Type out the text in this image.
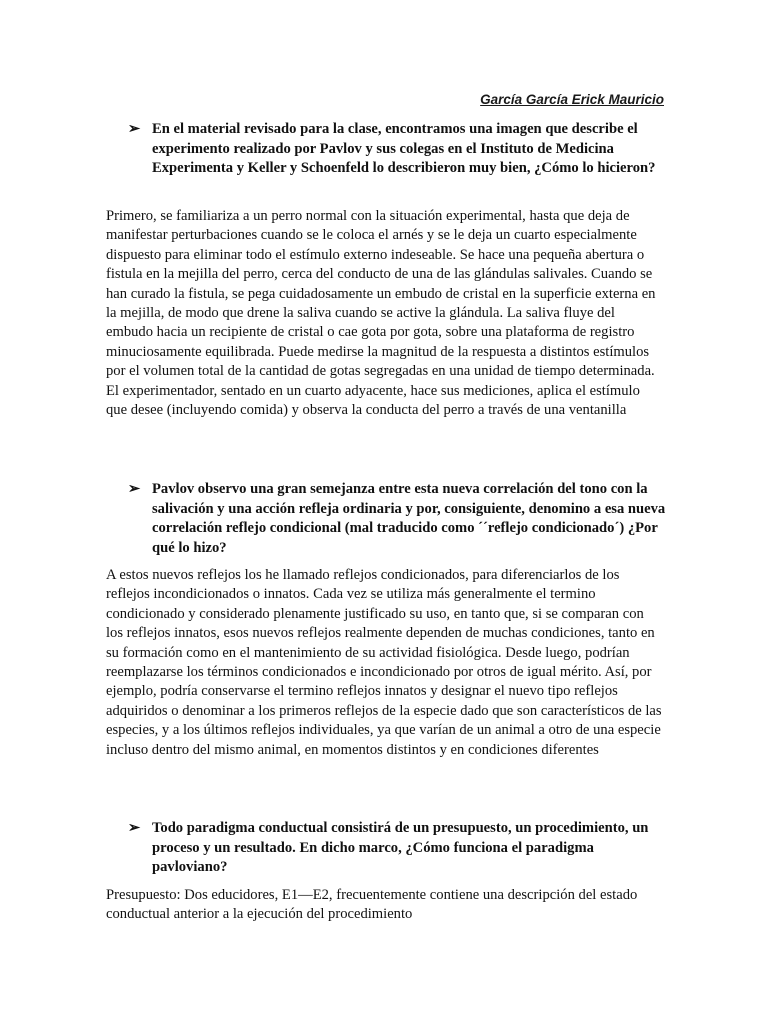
García García Erick Mauricio
➢ En el material revisado para la clase, encontramos una imagen que describe el experimento realizado por Pavlov y sus colegas en el Instituto de Medicina Experimenta y Keller y Schoenfeld lo describieron muy bien, ¿Cómo lo hicieron?

Primero, se familiariza a un perro normal con la situación experimental, hasta que deja de manifestar perturbaciones cuando se le coloca el arnés y se le deja un cuarto especialmente dispuesto para eliminar todo el estímulo externo indeseable. Se hace una pequeña abertura o fistula en la mejilla del perro, cerca del conducto de una de las glándulas salivales. Cuando se han curado la fistula, se pega cuidadosamente un embudo de cristal en la superficie externa en la mejilla, de modo que drene la saliva cuando se active la glándula. La saliva fluye del embudo hacia un recipiente de cristal o cae gota por gota, sobre una plataforma de registro minuciosamente equilibrada. Puede medirse la magnitud de la respuesta a distintos estímulos por el volumen total de la cantidad de gotas segregadas en una unidad de tiempo determinada. El experimentador, sentado en un cuarto adyacente, hace sus mediciones, aplica el estímulo que desee (incluyendo comida) y observa la conducta del perro a través de una ventanilla

➢ Pavlov observo una gran semejanza entre esta nueva correlación del tono con la salivación y una acción refleja ordinaria y por, consiguiente, denomino a esa nueva correlación reflejo condicional (mal traducido como ´´reflejo condicionado´) ¿Por qué lo hizo?

A estos nuevos reflejos los he llamado reflejos condicionados, para diferenciarlos de los reflejos incondicionados o innatos. Cada vez se utiliza más generalmente el termino condicionado y considerado plenamente justificado su uso, en tanto que, si se comparan con los reflejos innatos, esos nuevos reflejos realmente dependen de muchas condiciones, tanto en su formación como en el mantenimiento de su actividad fisiológica. Desde luego, podrían reemplazarse los términos condicionados e incondicionado por otros de igual mérito. Así, por ejemplo, podría conservarse el termino reflejos innatos y designar el nuevo tipo reflejos adquiridos o denominar a los primeros reflejos de la especie dado que son característicos de las especies, y a los últimos reflejos individuales, ya que varían de un animal a otro de una especie incluso dentro del mismo animal, en momentos distintos y en condiciones diferentes

➢ Todo paradigma conductual consistirá de un presupuesto, un procedimiento, un proceso y un resultado. En dicho marco, ¿Cómo funciona el paradigma pavloviano?

Presupuesto: Dos educidores, E1—E2, frecuentemente contiene una descripción del estado conductual anterior a la ejecución del procedimiento
